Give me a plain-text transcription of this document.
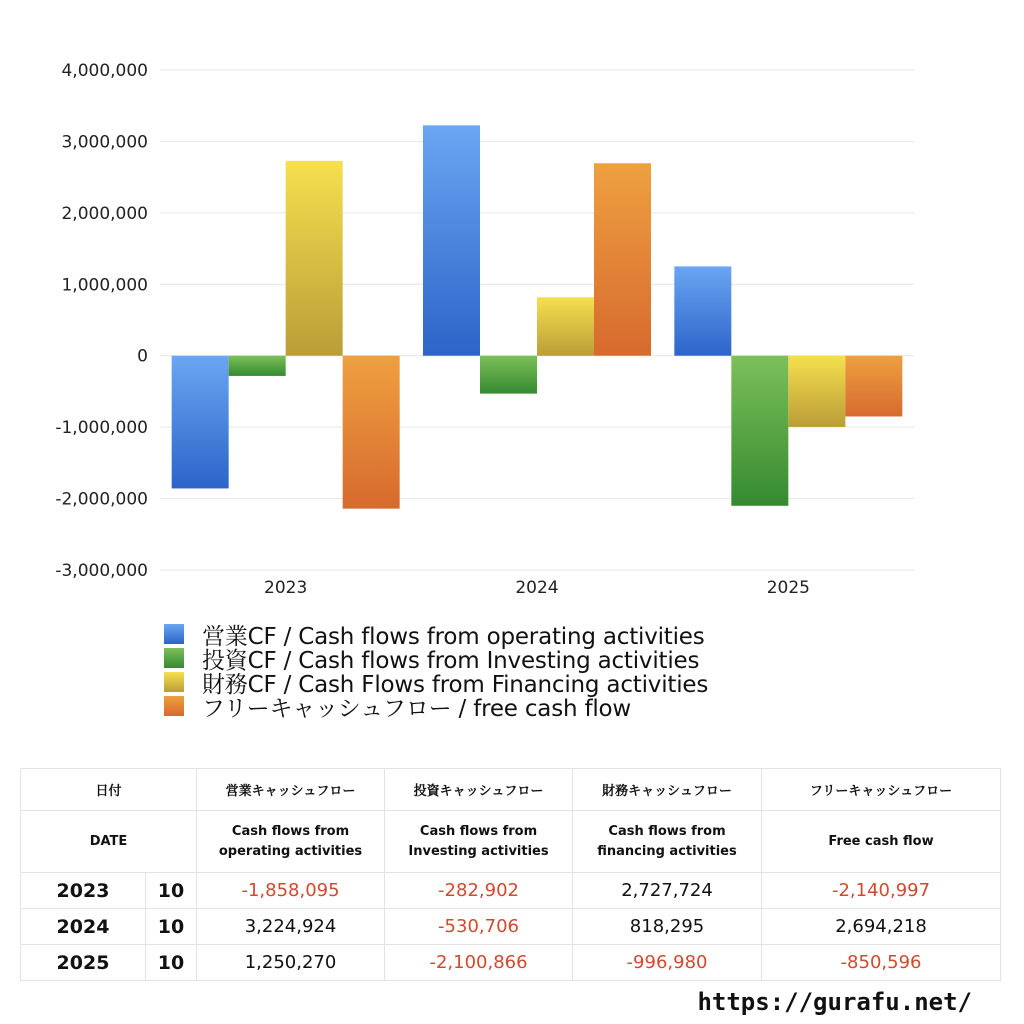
4,000,000
3,000,000
2,000,000
1,000,000
0
-1,000,000
-2,000,000
-3,000,000
2023	2024	2025
営業CF / Cash flows from operating activities
投資CF / Cash flows from Investing activities
財務CF / Cash Flows from Financing activities
フリーキャッシュフロー / free cash flow
日付		営業キャッシュフロー	投資キャッシュフロー	財務キャッシュフロー	フリーキャッシュフロー
DATE		Cash flows from operating activities	Cash flows from Investing activities	Cash flows from financing activities	Free cash flow
2023	10	-1,858,095	-282,902	2,727,724	-2,140,997
2024	10	3,224,924	-530,706	818,295	2,694,218
2025	10	1,250,270	-2,100,866	-996,980	-850,596
https://gurafu.net/
